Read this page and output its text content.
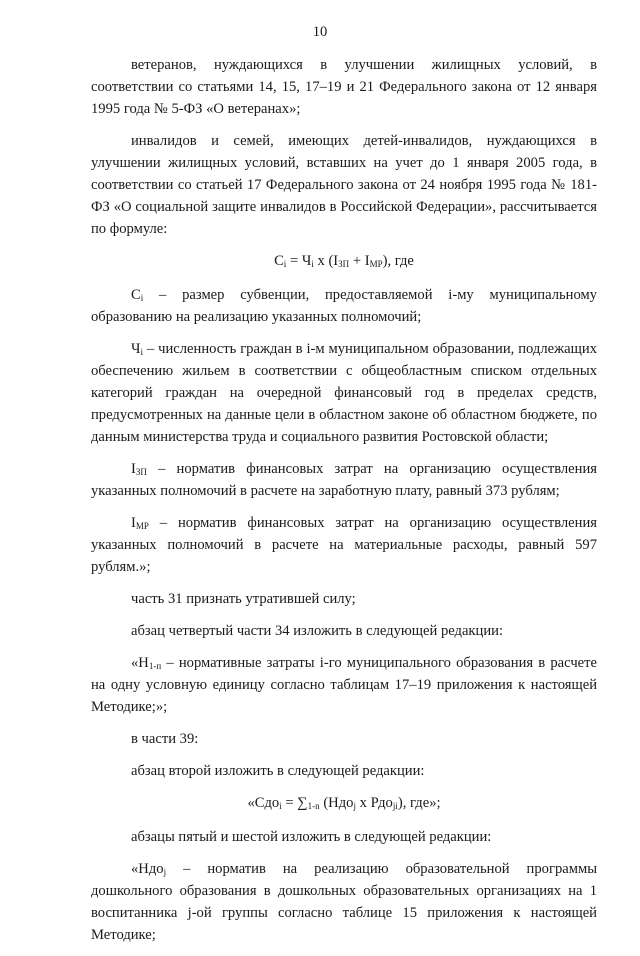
10

ветеранов, нуждающихся в улучшении жилищных условий, в соответствии со статьями 14, 15, 17–19 и 21 Федерального закона от 12 января 1995 года № 5-ФЗ «О ветеранах»;

инвалидов и семей, имеющих детей-инвалидов, нуждающихся в улучшении жилищных условий, вставших на учет до 1 января 2005 года, в соответствии со статьей 17 Федерального закона от 24 ноября 1995 года № 181-ФЗ «О социальной защите инвалидов в Российской Федерации», рассчитывается по формуле:

$C_i = Ч_i$ х $(I_{ЗП} + I_{МР})$, где

$C_i$ – размер субвенции, предоставляемой i-му муниципальному образованию на реализацию указанных полномочий;

$Ч_i$ – численность граждан в i-м муниципальном образовании, подлежащих обеспечению жильем в соответствии с общеобластным списком отдельных категорий граждан на очередной финансовый год в пределах средств, предусмотренных на данные цели в областном законе об областном бюджете, по данным министерства труда и социального развития Ростовской области;

$I_{ЗП}$ – норматив финансовых затрат на организацию осуществления указанных полномочий в расчете на заработную плату, равный 373 рублям;

$I_{МР}$ – норматив финансовых затрат на организацию осуществления указанных полномочий в расчете на материальные расходы, равный 597 рублям.»;

часть 31 признать утратившей силу;

абзац четвертый части 34 изложить в следующей редакции:

«$Н_{1-п}$ – нормативные затраты i-го муниципального образования в расчете на одну условную единицу согласно таблицам 17–19 приложения к настоящей Методике;»;

в части 39:

абзац второй изложить в следующей редакции:

«$Сдо_i = \sum_{1-n}$ (Ндо$_j$ х Рдо$_{ji}$), где»;

абзацы пятый и шестой изложить в следующей редакции:

«Ндо$_j$ – норматив на реализацию образовательной программы дошкольного образования в дошкольных образовательных организациях на 1 воспитанника j-ой группы согласно таблице 15 приложения к настоящей Методике;
